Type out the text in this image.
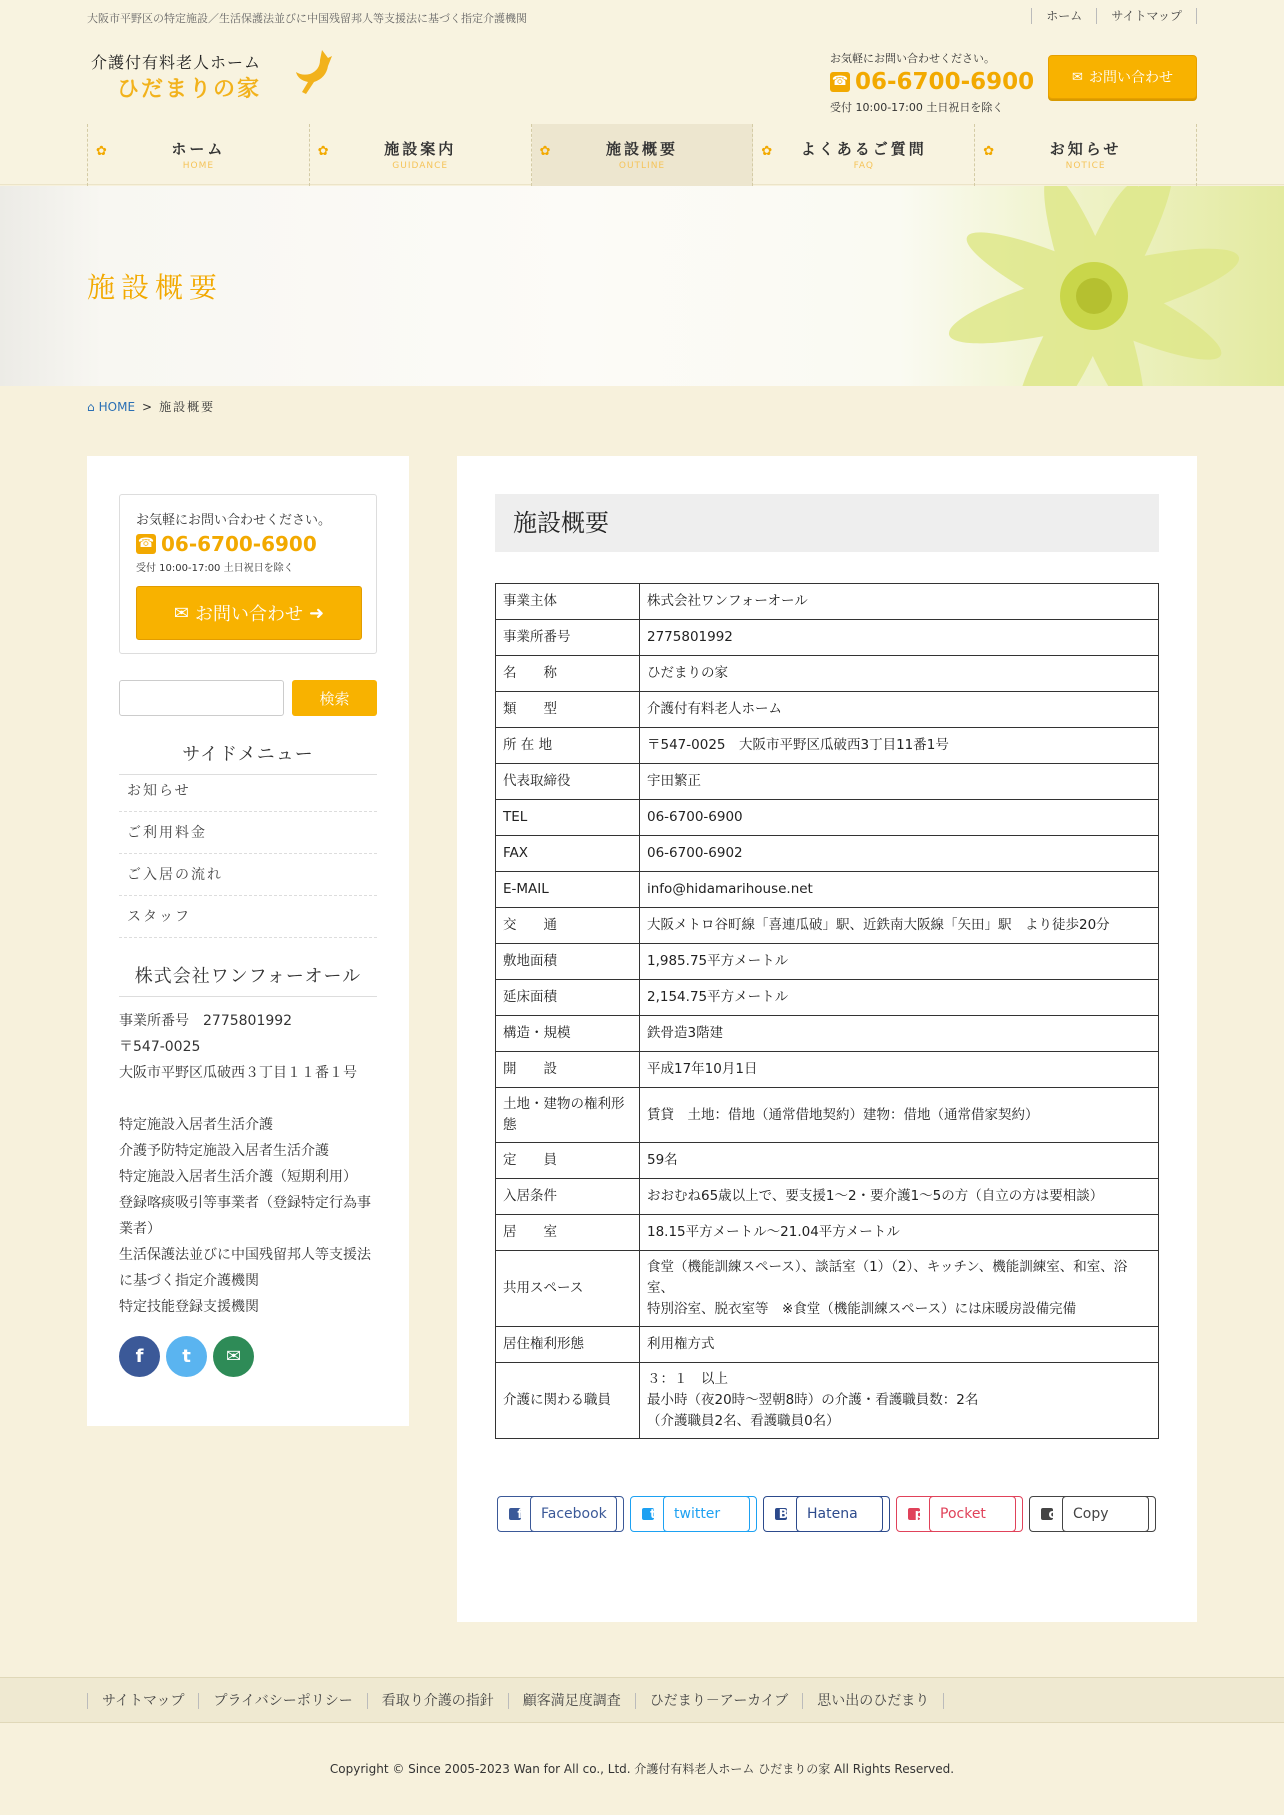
大阪市平野区の特定施設／生活保護法並びに中国残留邦人等支援法に基づく指定介護機関	ホーム	サイトマップ
介護付有料老人ホーム
ひだまりの家
お気軽にお問い合わせください。
☎ 06-6700-6900
受付 10:00-17:00 土日祝日を除く
✉ お問い合わせ
✿	ホーム
HOME
✿	施設案内
GUIDANCE
✿	施設概要
OUTLINE
✿	よくあるご質問
FAQ
✿	お知らせ
NOTICE
施設概要
⌂ HOME > 施設概要
お気軽にお問い合わせください。
☎ 06-6700-6900
受付 10:00-17:00 土日祝日を除く
✉ お問い合わせ ➜
検索
サイドメニュー
お知らせ
ご利用料金
ご入居の流れ
スタッフ
株式会社ワンフォーオール
事業所番号　2775801992
〒547-0025
大阪市平野区瓜破西３丁目１１番１号
特定施設入居者生活介護
介護予防特定施設入居者生活介護
特定施設入居者生活介護（短期利用）
登録喀痰吸引等事業者（登録特定行為事業者）
生活保護法並びに中国残留邦人等支援法に基づく指定介護機関
特定技能登録支援機関
f	t	✉
施設概要
事業主体	株式会社ワンフォーオール
事業所番号	2775801992
名　　称	ひだまりの家
類　　型	介護付有料老人ホーム
所 在 地	〒547-0025　大阪市平野区瓜破西3丁目11番1号
代表取締役	宇田繁正
TEL	06-6700-6900
FAX	06-6700-6902
E-MAIL	info@hidamarihouse.net
交　　通	大阪メトロ谷町線「喜連瓜破」駅、近鉄南大阪線「矢田」駅　より徒歩20分
敷地面積	1,985.75平方メートル
延床面積	2,154.75平方メートル
構造・規模	鉄骨造3階建
開　　設	平成17年10月1日
土地・建物の権利形態	賃貸　土地：借地（通常借地契約）建物：借地（通常借家契約）
定　　員	59名
入居条件	おおむね65歳以上で、要支援1～2・要介護1～5の方（自立の方は要相談）
居　　室	18.15平方メートル～21.04平方メートル
共用スペース	食堂（機能訓練スペース）、談話室（1）（2）、キッチン、機能訓練室、和室、浴室、
特別浴室、脱衣室等　※食堂（機能訓練スペース）には床暖房設備完備
居住権利形態	利用権方式
介護に関わる職員	３：１　以上
最小時（夜20時～翌朝8時）の介護・看護職員数：2名
（介護職員2名、看護職員0名）
f	Facebook	t	twitter	B! Hatena	p	Pocket	c	Copy
サイトマップ	プライバシーポリシー	看取り介護の指針	顧客満足度調査	ひだまり－アーカイブ	思い出のひだまり
Copyright © Since 2005-2023 Wan for All co., Ltd. 介護付有料老人ホーム ひだまりの家 All Rights Reserved.
